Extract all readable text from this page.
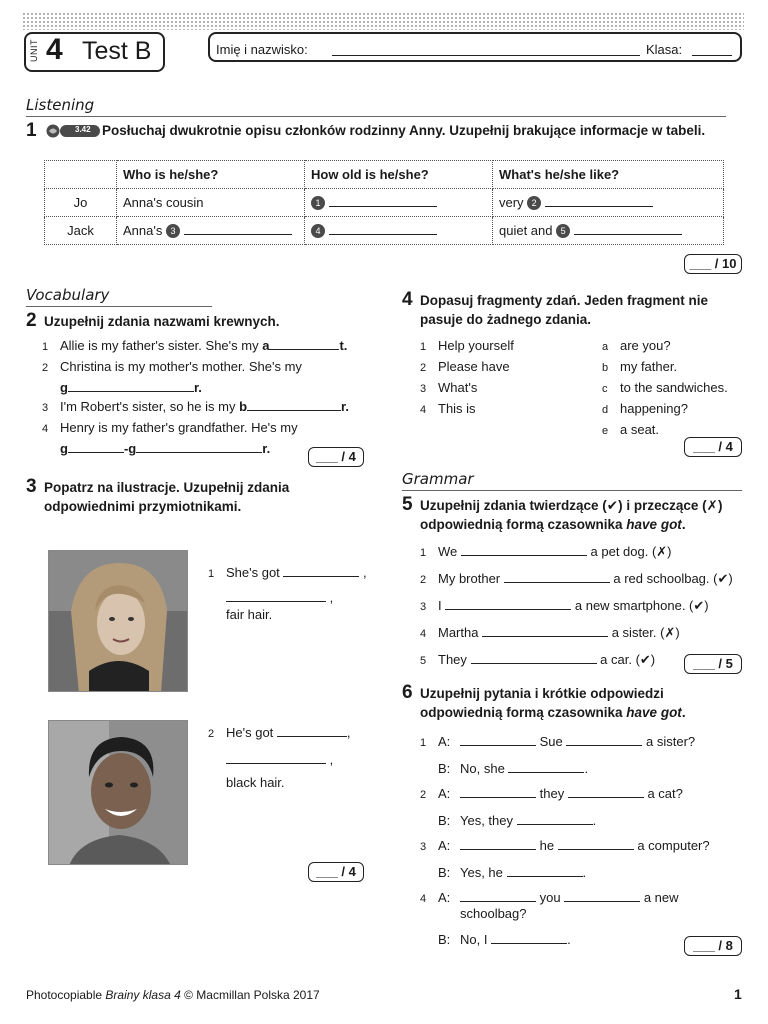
UNIT 4 Test B	Imię i nazwisko:	Klasa:
Listening
1	3.42 Posłuchaj dwukrotnie opisu członków rodzinny Anny. Uzupełnij brakujące informacje w tabeli.
	Who is he/she?	How old is he/she?	What's he/she like?
Jo	Anna's cousin	1	very 2
Jack	Anna's 3	4	quiet and 5
___ / 10
Vocabulary
2 Uzupełnij zdania nazwami krewnych.
1 Allie is my father's sister. She's my a	t.
2 Christina is my mother's mother. She's my
g	r.
3 I'm Robert's sister, so he is my b	r.
4 Henry is my father's grandfather. He's my
g	-g	r.
___ / 4
3 Popatrz na ilustracje. Uzupełnij zdania
odpowiednimi przymiotnikami.
1 She's got	,
,
fair hair.
2 He's got	,
,
black hair.
___ / 4
4 Dopasuj fragmenty zdań. Jeden fragment nie
pasuje do żadnego zdania.
1 Help yourself
2 Please have
3 What's
4 This is
a are you?
b my father.
c to the sandwiches.
d happening?
e a seat.
___ / 4
Grammar
5 Uzupełnij zdania twierdzące (✔) i przeczące (✗)
odpowiednią formą czasownika have got.
1 We	a pet dog. (✗)
2 My brother	a red schoolbag. (✔)
3 I	a new smartphone. (✔)
4 Martha	a sister. (✗)
5 They	a car. (✔)	___ / 5
6 Uzupełnij pytania i krótkie odpowiedzi
odpowiednią formą czasownika have got.
1 A:	Sue	a sister?
B: No, she	.
2 A:	they	a cat?
B: Yes, they	.
3 A:	he	a computer?
B: Yes, he	.
4 A:	you	a new
schoolbag?
B: No, I	.	___ / 8
Photocopiable Brainy klasa 4 © Macmillan Polska 2017	1
